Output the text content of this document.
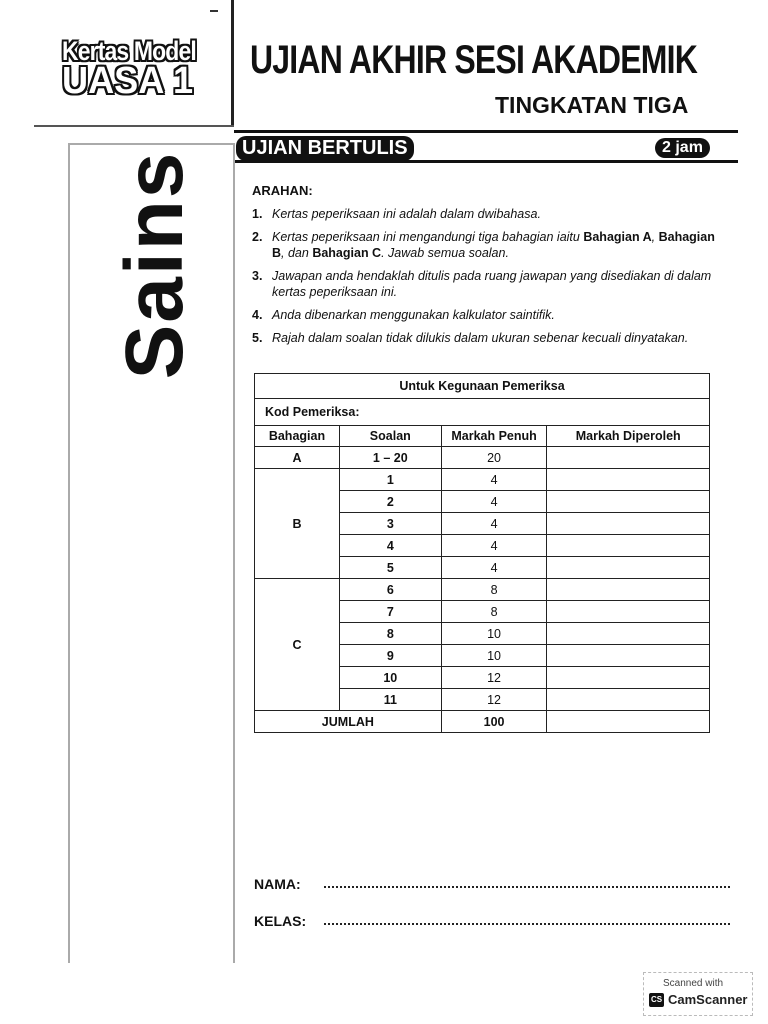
Kertas Model
UASA 1 UJIAN AKHIR SESI AKADEMIK
TINGKATAN TIGA
UJIAN BERTULIS	2 jam
Sains	ARAHAN:
1. Kertas peperiksaan ini adalah dalam dwibahasa.
2. Kertas peperiksaan ini mengandungi tiga bahagian iaitu Bahagian A, Bahagian B, dan Bahagian C. Jawab semua soalan.
3. Jawapan anda hendaklah ditulis pada ruang jawapan yang disediakan di dalam kertas peperiksaan ini.
4. Anda dibenarkan menggunakan kalkulator saintifik.
5. Rajah dalam soalan tidak dilukis dalam ukuran sebenar kecuali dinyatakan.
Untuk Kegunaan Pemeriksa			
Kod Pemeriksa:			
Bahagian	Soalan	Markah Penuh	Markah Diperoleh
A	1 – 20	20	
B	1	4	
	2	4	
	3	4	
	4	4	
	5	4	
C	6	8	
	7	8	
	8	10	
	9	10	
	10	12	
	11	12	
JUMLAH		100	
NAMA:
KELAS:
Scanned with
CS CamScanner
